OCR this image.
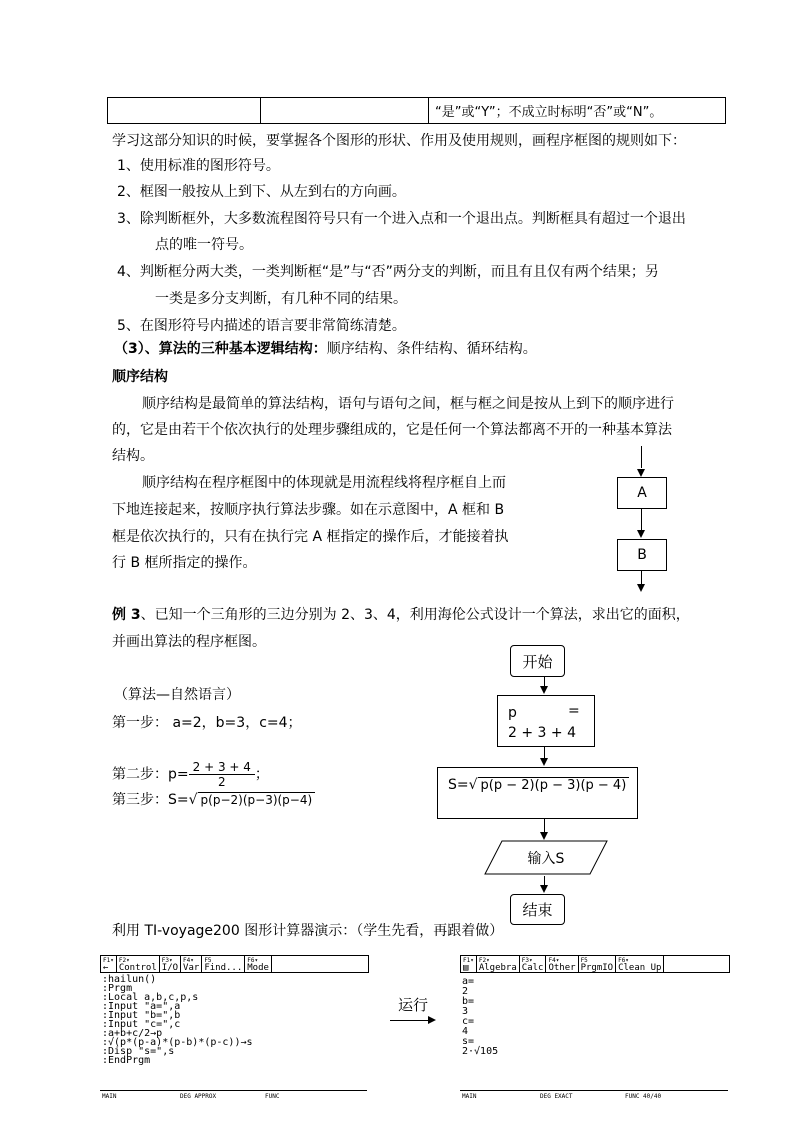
		“是”或“Y”；不成立时标明“否”或“N”。
学习这部分知识的时候，要掌握各个图形的形状、作用及使用规则，画程序框图的规则如下：
1、使用标准的图形符号。
2、框图一般按从上到下、从左到右的方向画。
3、除判断框外，大多数流程图符号只有一个进入点和一个退出点。判断框具有超过一个退出
点的唯一符号。
4、判断框分两大类，一类判断框“是”与“否”两分支的判断，而且有且仅有两个结果；另
一类是多分支判断，有几种不同的结果。
5、在图形符号内描述的语言要非常简练清楚。
（3）、算法的三种基本逻辑结构：顺序结构、条件结构、循环结构。
顺序结构
顺序结构是最简单的算法结构，语句与语句之间，框与框之间是按从上到下的顺序进行
的，它是由若干个依次执行的处理步骤组成的，它是任何一个算法都离不开的一种基本算法
结构。
顺序结构在程序框图中的体现就是用流程线将程序框自上而
下地连接起来，按顺序执行算法步骤。如在示意图中，A 框和 B
框是依次执行的，只有在执行完 A 框指定的操作后，才能接着执
行 B 框所指定的操作。
A
B
例 3、已知一个三角形的三边分别为 2、3、4，利用海伦公式设计一个算法，求出它的面积，
并画出算法的程序框图。
（算法—自然语言）
第一步： a=2，b=3，c=4；
第二步：$p= \frac{2 + 3 + 4}{2}$ ；
第三步：S=√ p(p−2)(p−3)(p−4)
开始
p	=
2 + 3 + 4
S=√ p(p − 2)(p − 3)(p − 4)
输入S
结束
利用 TI-voyage200 图形计算器演示：（学生先看，再跟着做）
F1▾
←
F2▾
Control
F3▾
I/O
F4▾
Var
F5
Find...
F6▾
Mode
:hailun()
:Prgm
:Local a,b,c,p,s
:Input "a=",a
:Input "b=",b
:Input "c=",c
:a+b+c/2→p
:√(p*(p-a)*(p-b)*(p-c))→s
:Disp "s=",s
:EndPrgm
MAIN	DEG APPROX	FUNC
运行
F1▾
▤
F2▾
Algebra
F3▾
Calc
F4▾
Other
F5
PrgmIO
F6▾
Clean Up
a=
2
b=
3
c=
4
s=
2·√105
MAIN	DEG EXACT	FUNC 40/40
